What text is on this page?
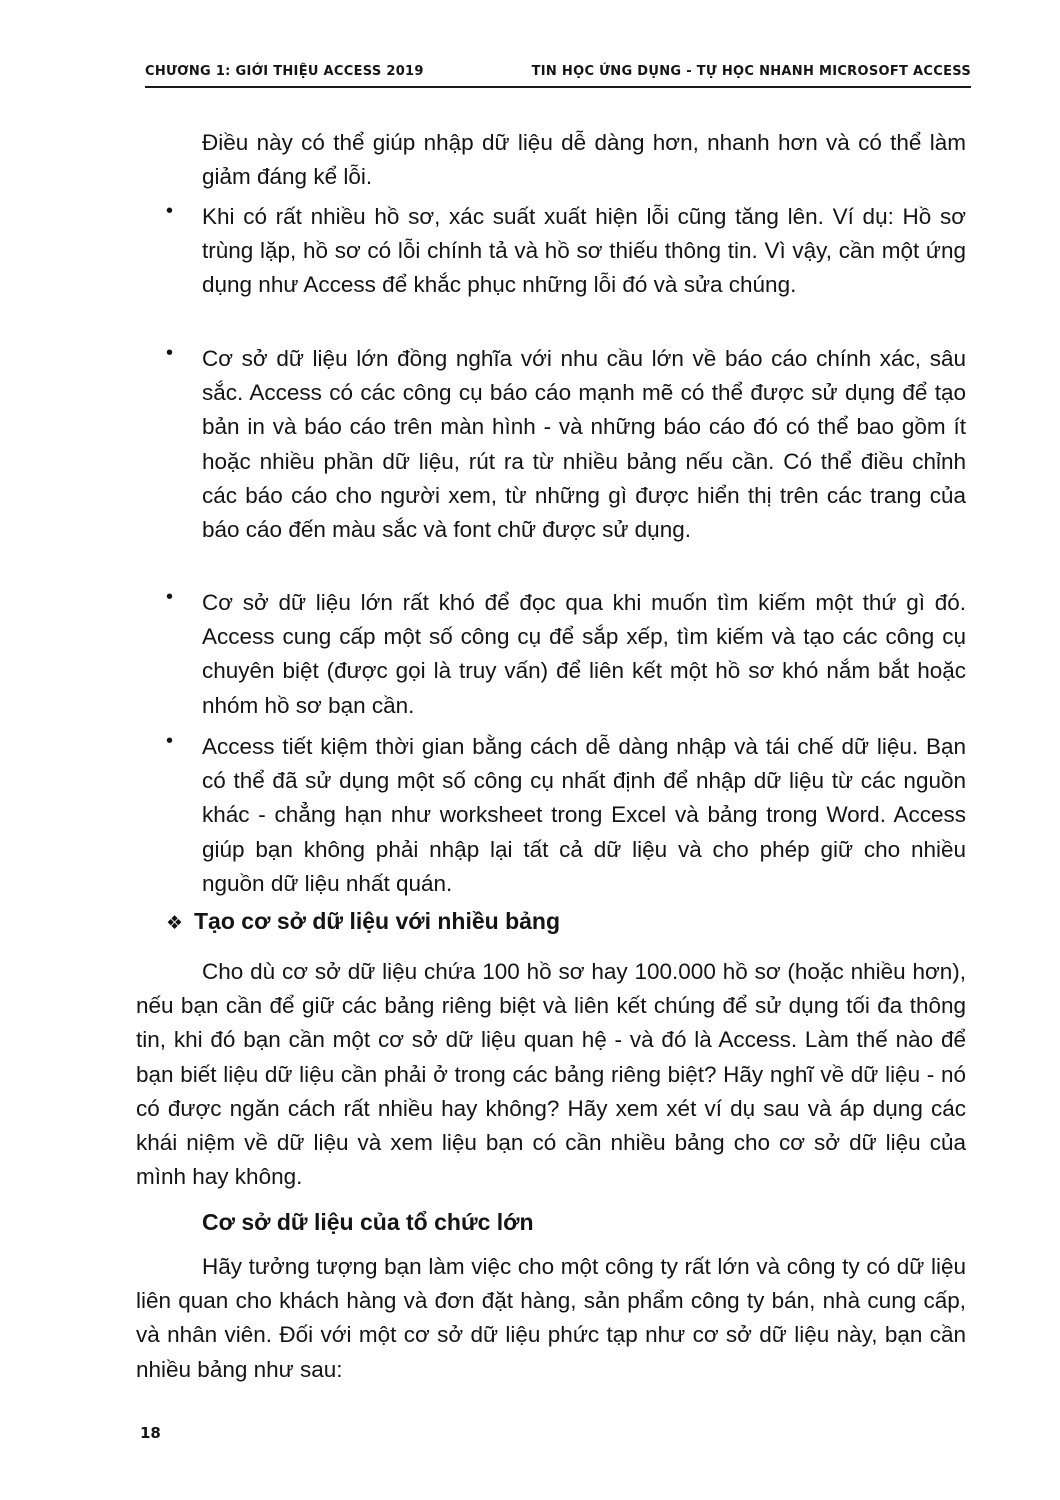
CHƯƠNG 1: GIỚI THIỆU ACCESS 2019	TIN HỌC ỨNG DỤNG - TỰ HỌC NHANH MICROSOFT ACCESS
Điều này có thể giúp nhập dữ liệu dễ dàng hơn, nhanh hơn và có thể làm giảm đáng kể lỗi.
•	Khi có rất nhiều hồ sơ, xác suất xuất hiện lỗi cũng tăng lên. Ví dụ: Hồ sơ trùng lặp, hồ sơ có lỗi chính tả và hồ sơ thiếu thông tin. Vì vậy, cần một ứng dụng như Access để khắc phục những lỗi đó và sửa chúng.
•	Cơ sở dữ liệu lớn đồng nghĩa với nhu cầu lớn về báo cáo chính xác, sâu sắc. Access có các công cụ báo cáo mạnh mẽ có thể được sử dụng để tạo bản in và báo cáo trên màn hình - và những báo cáo đó có thể bao gồm ít hoặc nhiều phần dữ liệu, rút ra từ nhiều bảng nếu cần. Có thể điều chỉnh các báo cáo cho người xem, từ những gì được hiển thị trên các trang của báo cáo đến màu sắc và font chữ được sử dụng.
•	Cơ sở dữ liệu lớn rất khó để đọc qua khi muốn tìm kiếm một thứ gì đó. Access cung cấp một số công cụ để sắp xếp, tìm kiếm và tạo các công cụ chuyên biệt (được gọi là truy vấn) để liên kết một hồ sơ khó nắm bắt hoặc nhóm hồ sơ bạn cần.
•	Access tiết kiệm thời gian bằng cách dễ dàng nhập và tái chế dữ liệu. Bạn có thể đã sử dụng một số công cụ nhất định để nhập dữ liệu từ các nguồn khác - chẳng hạn như worksheet trong Excel và bảng trong Word. Access giúp bạn không phải nhập lại tất cả dữ liệu và cho phép giữ cho nhiều nguồn dữ liệu nhất quán.
❖ Tạo cơ sở dữ liệu với nhiều bảng
Cho dù cơ sở dữ liệu chứa 100 hồ sơ hay 100.000 hồ sơ (hoặc nhiều hơn), nếu bạn cần để giữ các bảng riêng biệt và liên kết chúng để sử dụng tối đa thông tin, khi đó bạn cần một cơ sở dữ liệu quan hệ - và đó là Access. Làm thế nào để bạn biết liệu dữ liệu cần phải ở trong các bảng riêng biệt? Hãy nghĩ về dữ liệu - nó có được ngăn cách rất nhiều hay không? Hãy xem xét ví dụ sau và áp dụng các khái niệm về dữ liệu và xem liệu bạn có cần nhiều bảng cho cơ sở dữ liệu của mình hay không.
Cơ sở dữ liệu của tổ chức lớn
Hãy tưởng tượng bạn làm việc cho một công ty rất lớn và công ty có dữ liệu liên quan cho khách hàng và đơn đặt hàng, sản phẩm công ty bán, nhà cung cấp, và nhân viên. Đối với một cơ sở dữ liệu phức tạp như cơ sở dữ liệu này, bạn cần nhiều bảng như sau:
18
